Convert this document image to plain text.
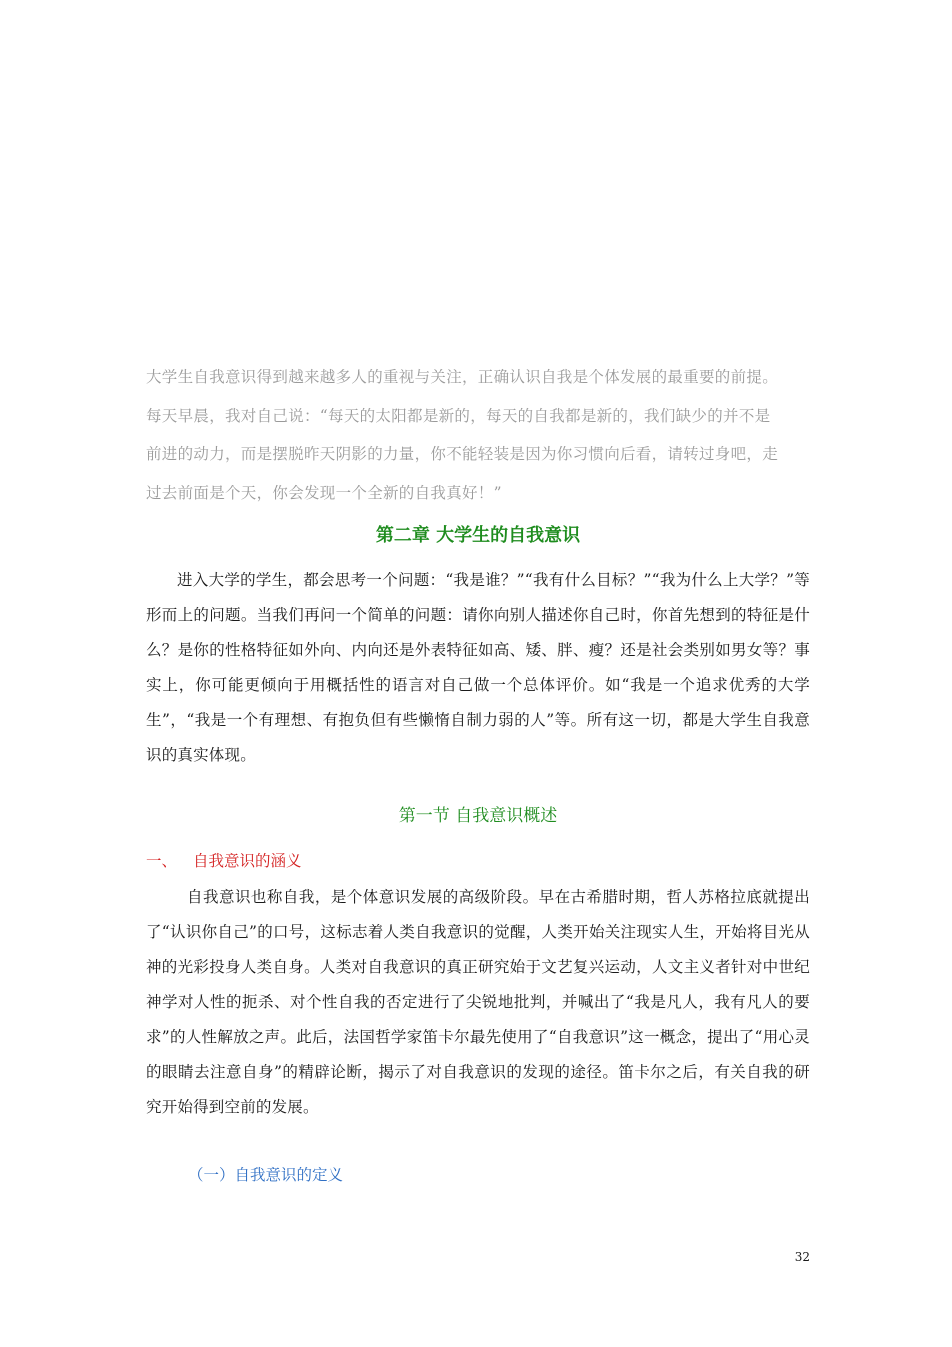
大学生自我意识得到越来越多人的重视与关注，正确认识自我是个体发展的最重要的前提。

每天早晨，我对自己说：“每天的太阳都是新的，每天的自我都是新的，我们缺少的并不是

前进的动力，而是摆脱昨天阴影的力量，你不能轻装是因为你习惯向后看，请转过身吧，走

过去前面是个天，你会发现一个全新的自我真好！”

第二章 大学生的自我意识

进入大学的学生，都会思考一个问题：“我是谁？”“我有什么目标？”“我为什么上大学？”等形而上的问题。当我们再问一个简单的问题：请你向别人描述你自己时，你首先想到的特征是什么？是你的性格特征如外向、内向还是外表特征如高、矮、胖、瘦？还是社会类别如男女等？事实上，你可能更倾向于用概括性的语言对自己做一个总体评价。如“我是一个追求优秀的大学生”，“我是一个有理想、有抱负但有些懒惰自制力弱的人”等。所有这一切，都是大学生自我意识的真实体现。

第一节 自我意识概述
一、 自我意识的涵义

自我意识也称自我，是个体意识发展的高级阶段。早在古希腊时期，哲人苏格拉底就提出了“认识你自己”的口号，这标志着人类自我意识的觉醒，人类开始关注现实人生，开始将目光从神的光彩投身人类自身。人类对自我意识的真正研究始于文艺复兴运动，人文主义者针对中世纪神学对人性的扼杀、对个性自我的否定进行了尖锐地批判，并喊出了“我是凡人，我有凡人的要求”的人性解放之声。此后，法国哲学家笛卡尔最先使用了“自我意识”这一概念，提出了“用心灵的眼睛去注意自身”的精辟论断，揭示了对自我意识的发现的途径。笛卡尔之后，有关自我的研究开始得到空前的发展。

（一）自我意识的定义
32
